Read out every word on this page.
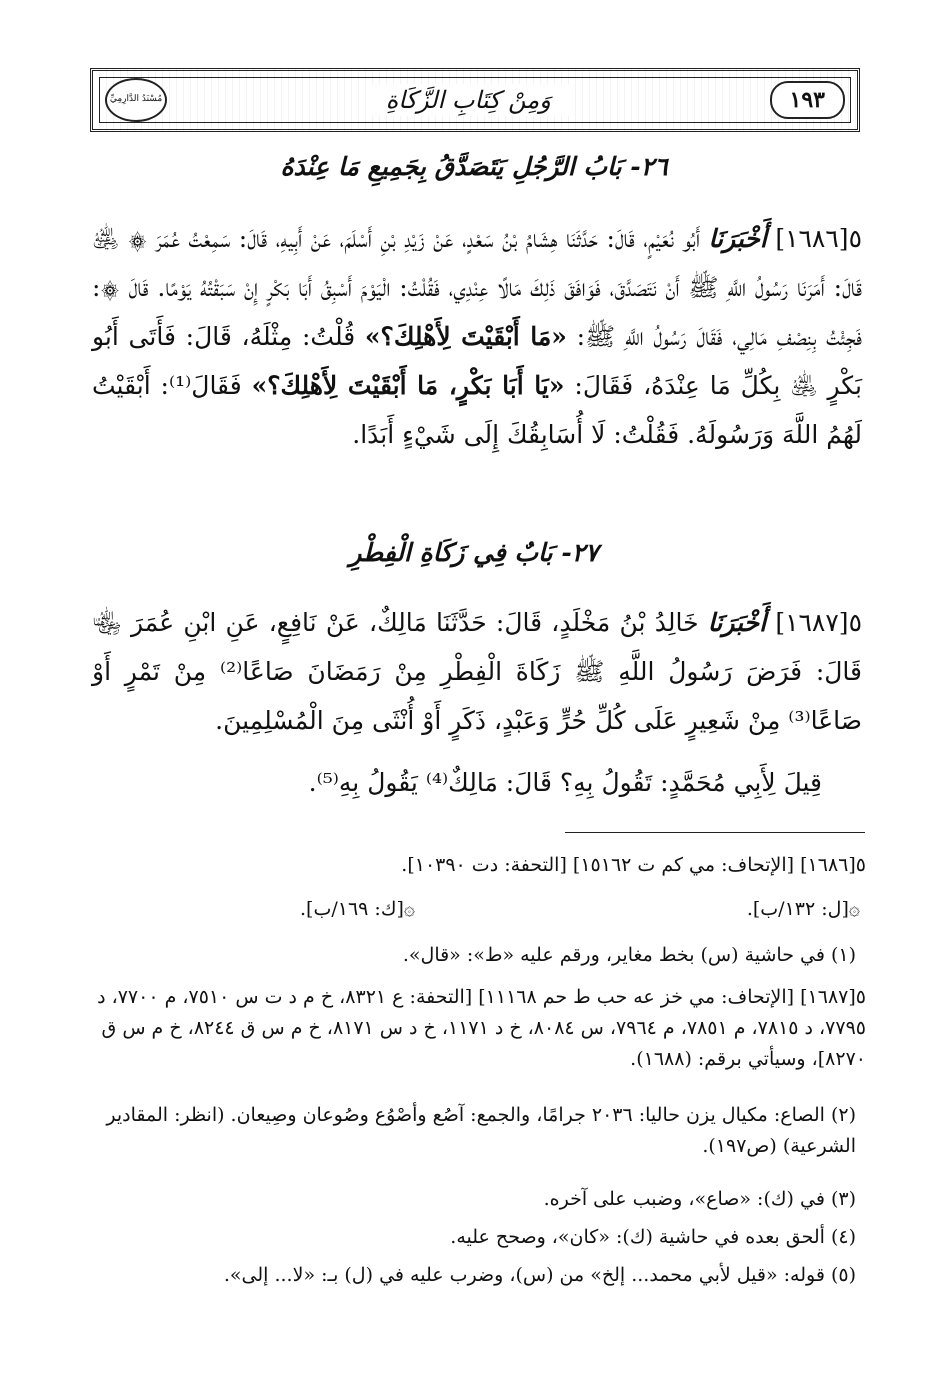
مُسْنَدُ الدَّارِمِيِّ	وَمِنْ كِتَابِ الزَّكَاةِ	١٩٣
٢٦- بَابُ الرَّجُلِ يَتَصَدَّقُ بِجَمِيعِ مَا عِنْدَهُ
٥[١٦٨٦] أَخْبَرَنَا أَبُو نُعَيْمٍ، قَالَ: حَدَّثَنَا هِشَامُ بْنُ سَعْدٍ، عَنْ زَيْدِ بْنِ أَسْلَمَ، عَنْ أَبِيهِ، قَالَ: سَمِعْتُ عُمَرَ ۞ ﵁ قَالَ: أَمَرَنَا رَسُولُ اللَّهِ ﷺ أَنْ نَتَصَدَّقَ، فَوَافَقَ ذَلِكَ مَالًا عِنْدِي، فَقُلْتُ: الْيَوْمَ أَسْبِقُ أَبَا بَكْرٍ إِنْ سَبَقْتُهُ يَوْمًا. قَالَ ۞: فَجِئْتُ بِنِصْفِ مَالِي، فَقَالَ رَسُولُ اللَّهِ ﷺ: «مَا أَبْقَيْتَ لِأَهْلِكَ؟» قُلْتُ: مِثْلَهُ، قَالَ: فَأَتَى أَبُو بَكْرٍ ﵁ بِكُلِّ مَا عِنْدَهُ، فَقَالَ: «يَا أَبَا بَكْرٍ، مَا أَبْقَيْتَ لِأَهْلِكَ؟» فَقَالَ⁽¹⁾: أَبْقَيْتُ لَهُمُ اللَّهَ وَرَسُولَهُ. فَقُلْتُ: لَا أُسَابِقُكَ إِلَى شَيْءٍ أَبَدًا.
٢٧- بَابٌ فِي زَكَاةِ الْفِطْرِ
٥[١٦٨٧] أَخْبَرَنَا خَالِدُ بْنُ مَخْلَدٍ، قَالَ: حَدَّثَنَا مَالِكٌ، عَنْ نَافِعٍ، عَنِ ابْنِ عُمَرَ ﵄ قَالَ: فَرَضَ رَسُولُ اللَّهِ ﷺ زَكَاةَ الْفِطْرِ مِنْ رَمَضَانَ صَاعًا⁽²⁾ مِنْ تَمْرٍ أَوْ صَاعًا⁽³⁾ مِنْ شَعِيرٍ عَلَى كُلِّ حُرٍّ وَعَبْدٍ، ذَكَرٍ أَوْ أُنْثَى مِنَ الْمُسْلِمِينَ.
قِيلَ لِأَبِي مُحَمَّدٍ: تَقُولُ بِهِ؟ قَالَ: مَالِكٌ⁽⁴⁾ يَقُولُ بِهِ⁽⁵⁾.
٥[١٦٨٦] [الإتحاف: مي كم ت ١٥١٦٢] [التحفة: دت ١٠٣٩٠].
۞[ل: ١٣٢/ب].
۞[ك: ١٦٩/ب].
(١) في حاشية (س) بخط مغاير، ورقم عليه «ط»: «قال».
٥[١٦٨٧] [الإتحاف: مي خز عه حب ط حم ١١١٦٨] [التحفة: ع ٨٣٢١، خ م د ت س ٧٥١٠، م ٧٧٠٠، د ٧٧٩٥، د ٧٨١٥، م ٧٨٥١، م ٧٩٦٤، س ٨٠٨٤، خ د ١١٧١، خ د س ٨١٧١، خ م س ق ٨٢٤٤، خ م س ق ٨٢٧٠]، وسيأتي برقم: (١٦٨٨).
(٢) الصاع: مكيال يزن حاليا: ٢٠٣٦ جرامًا، والجمع: آصُع وأصْوُع وصُوعان وصِيعان. (انظر: المقادير الشرعية) (ص١٩٧).
(٣) في (ك): «صاع»، وضبب على آخره.
(٤) ألحق بعده في حاشية (ك): «كان»، وصحح عليه.
(٥) قوله: «قيل لأبي محمد... إلخ» من (س)، وضرب عليه في (ل) بـ: «لا... إلى».
